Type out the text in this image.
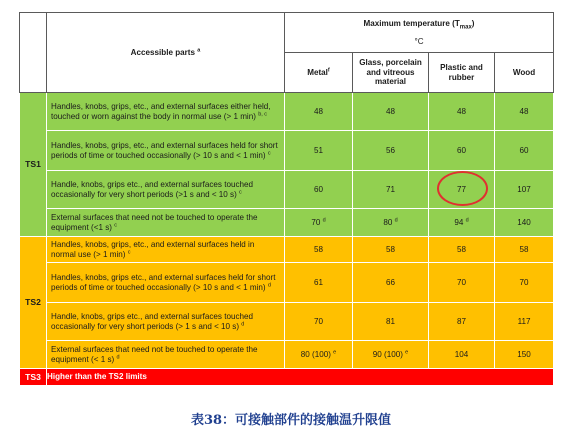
	Accessible parts $^a$	Maximum temperature $(T_{max})$
°C			

		Metal$^f$	Glass, porcelain and vitreous material	Plastic and rubber	Wood
TS1	Handles, knobs, grips, etc., and external surfaces either held, touched or worn against the body in normal use (> 1 min) $^{b, c}$	48	48	48	48
	Handles, knobs, grips, etc., and external surfaces held for short periods of time or touched occasionally (> 10 s and < 1 min) $^c$	51	56	60	60
	Handle, knobs, grips etc., and external surfaces touched occasionally for very short periods (>1 s and < 10 s) $^c$	60	71	77	107
	External surfaces that need not be touched to operate the equipment (<1 s) $^c$	70 $^d$	80 $^d$	94 $^d$	140
TS2	Handles, knobs, grips, etc., and external surfaces held in normal use (> 1 min) $^c$	58	58	58	58
	Handles, knobs, grips etc., and external surfaces held for short periods of time or touched occasionally (> 10 s and < 1 min) $^d$	61	66	70	70
	Handle, knobs, grips etc., and external surfaces touched occasionally for very short periods (> 1 s and < 10 s) $^d$	70	81	87	117
	External surfaces that need not be touched to operate the equipment (< 1 s) $^d$	80 (100) $^e$	90 (100) $^e$	104	150
TS3	Higher than the TS2 limits				
表38：可接触部件的接触温升限值
